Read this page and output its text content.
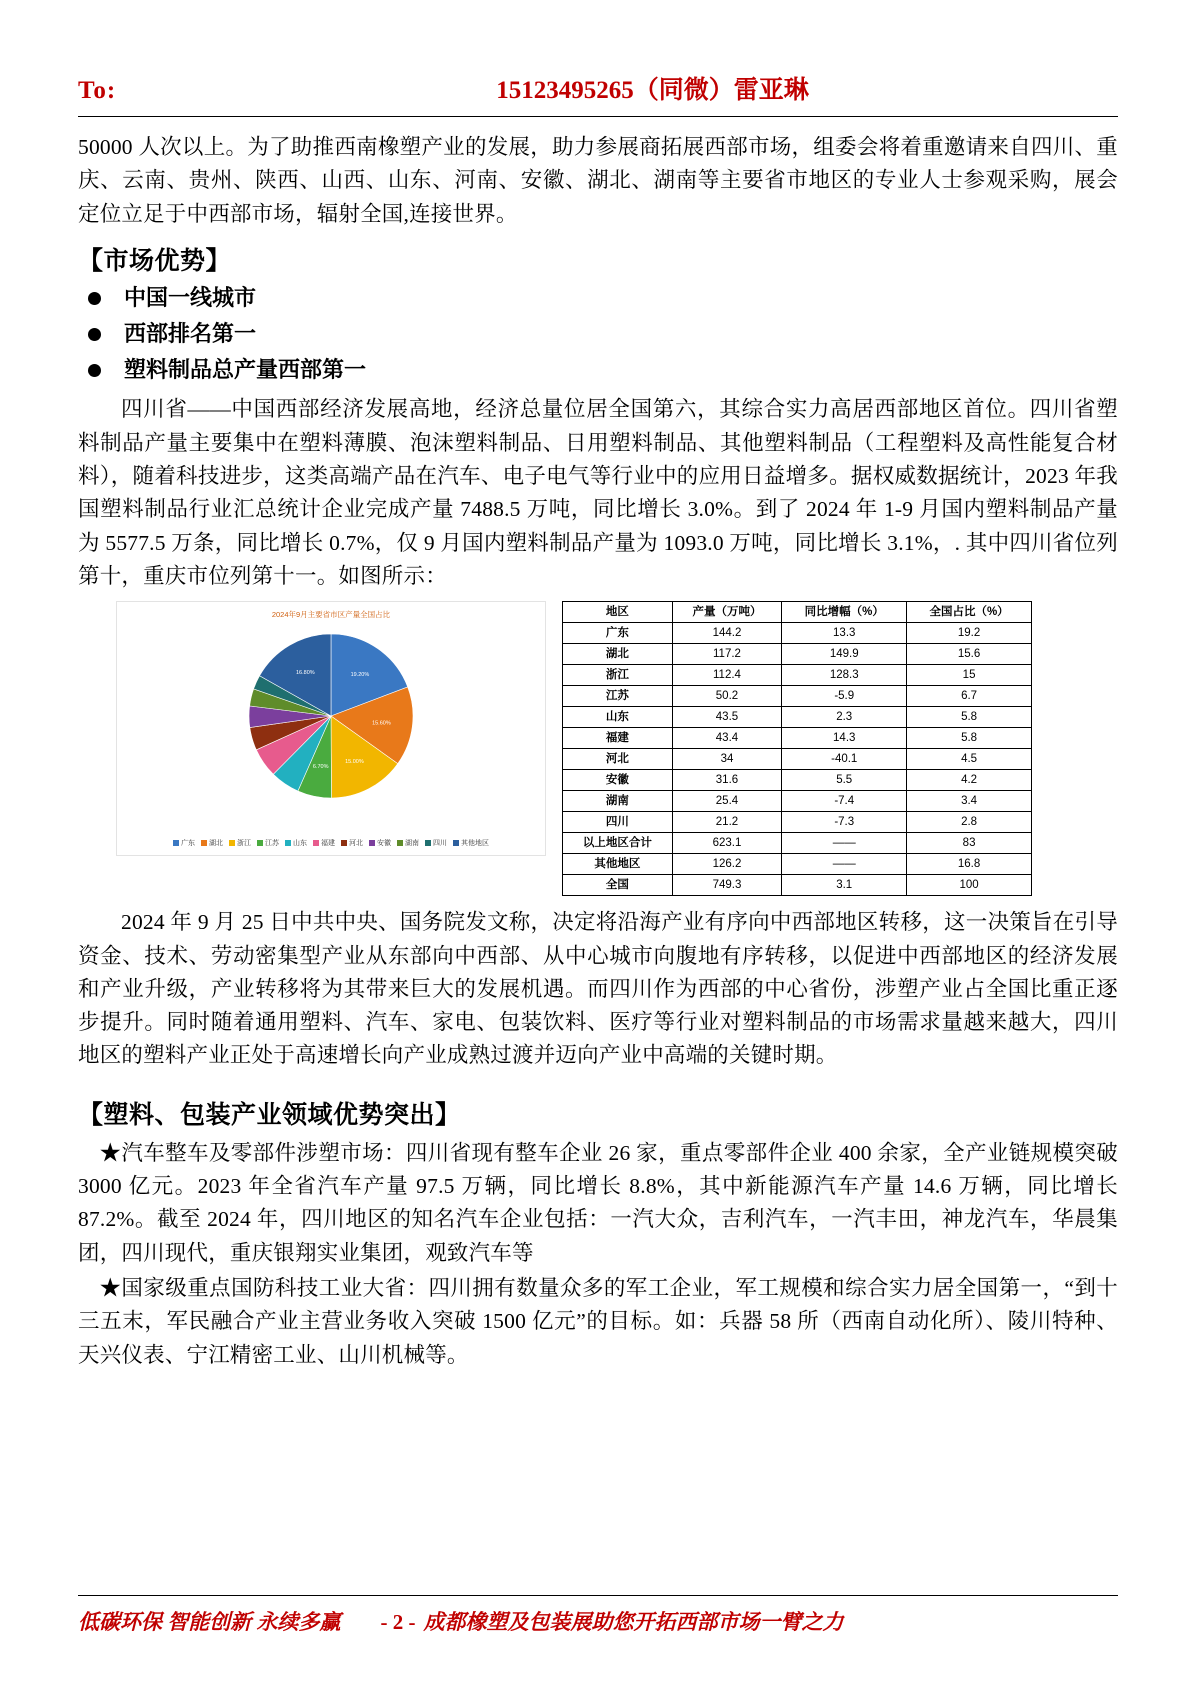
To:	15123495265（同微）雷亚琳

50000 人次以上。为了助推西南橡塑产业的发展，助力参展商拓展西部市场，组委会将着重邀请来自四川、重庆、云南、贵州、陕西、山西、山东、河南、安徽、湖北、湖南等主要省市地区的专业人士参观采购，展会定位立足于中西部市场，辐射全国,连接世界。

【市场优势】
中国一线城市
西部排名第一
塑料制品总产量西部第一

四川省——中国西部经济发展高地，经济总量位居全国第六，其综合实力高居西部地区首位。四川省塑料制品产量主要集中在塑料薄膜、泡沫塑料制品、日用塑料制品、其他塑料制品（工程塑料及高性能复合材料），随着科技进步，这类高端产品在汽车、电子电气等行业中的应用日益增多。据权威数据统计，2023 年我国塑料制品行业汇总统计企业完成产量 7488.5 万吨，同比增长 3.0%。到了 2024 年 1-9 月国内塑料制品产量为 5577.5 万条，同比增长 0.7%，仅 9 月国内塑料制品产量为 1093.0 万吨，同比增长 3.1%，. 其中四川省位列第十，重庆市位列第十一。如图所示：

2024年9月主要省市区产量全国占比
19.20%
15.60%
15.00%
6.70%
16.80%
广东 湖北 浙江 江苏 山东 福建 河北 安徽 湖南 四川 其他地区
地区	产量（万吨）	同比增幅（%）	全国占比（%）
广东	144.2	13.3	19.2
湖北	117.2	149.9	15.6
浙江	112.4	128.3	15
江苏	50.2	-5.9	6.7
山东	43.5	2.3	5.8
福建	43.4	14.3	5.8
河北	34	-40.1	4.5
安徽	31.6	5.5	4.2
湖南	25.4	-7.4	3.4
四川	21.2	-7.3	2.8
以上地区合计	623.1	——	83
其他地区	126.2	——	16.8
全国	749.3	3.1	100

2024 年 9 月 25 日中共中央、国务院发文称，决定将沿海产业有序向中西部地区转移，这一决策旨在引导资金、技术、劳动密集型产业从东部向中西部、从中心城市向腹地有序转移，以促进中西部地区的经济发展和产业升级，产业转移将为其带来巨大的发展机遇。而四川作为西部的中心省份，涉塑产业占全国比重正逐步提升。同时随着通用塑料、汽车、家电、包装饮料、医疗等行业对塑料制品的市场需求量越来越大，四川地区的塑料产业正处于高速增长向产业成熟过渡并迈向产业中高端的关键时期。

【塑料、包装产业领域优势突出】

★汽车整车及零部件涉塑市场：四川省现有整车企业 26 家，重点零部件企业 400 余家，全产业链规模突破 3000 亿元。2023 年全省汽车产量 97.5 万辆，同比增长 8.8%，其中新能源汽车产量 14.6 万辆，同比增长 87.2%。截至 2024 年，四川地区的知名汽车企业包括：一汽大众，吉利汽车，一汽丰田，神龙汽车，华晨集团，四川现代，重庆银翔实业集团，观致汽车等

★国家级重点国防科技工业大省：四川拥有数量众多的军工企业，军工规模和综合实力居全国第一，“到十三五末，军民融合产业主营业务收入突破 1500 亿元”的目标。如：兵器 58 所（西南自动化所）、陵川特种、天兴仪表、宁江精密工业、山川机械等。

低碳环保 智能创新 永续多赢 - 2 - 成都橡塑及包装展助您开拓西部市场一臂之力
